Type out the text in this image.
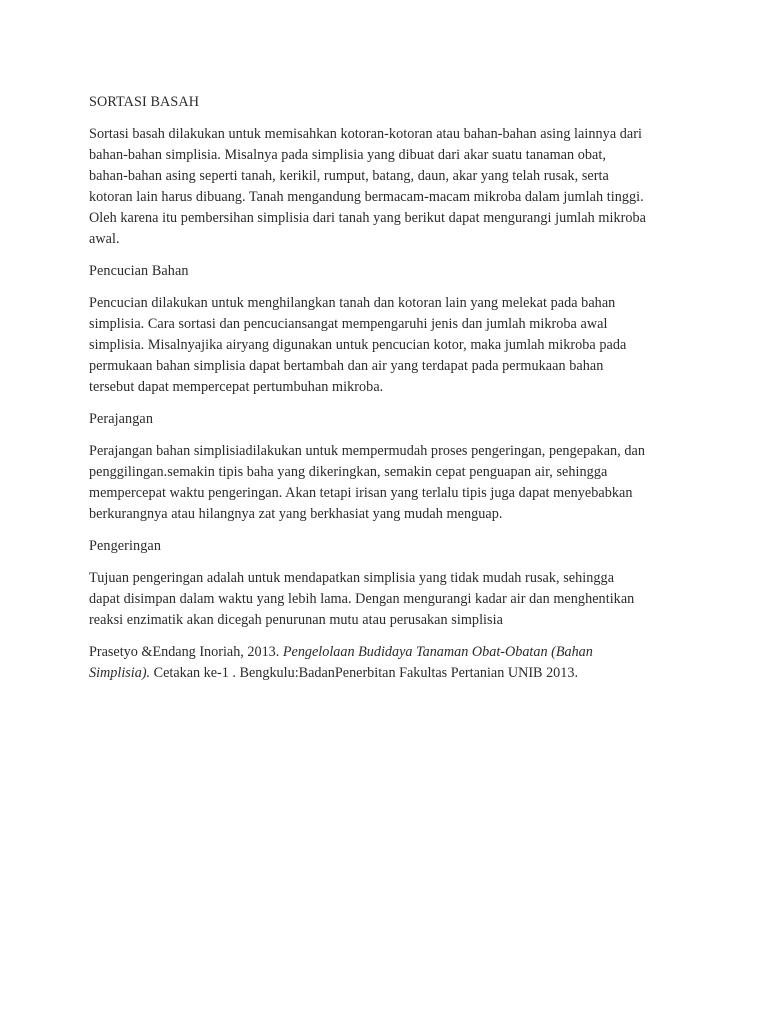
SORTASI BASAH
Sortasi basah dilakukan untuk memisahkan kotoran-kotoran atau bahan-bahan asing lainnya dari
bahan-bahan simplisia. Misalnya pada simplisia yang dibuat dari akar suatu tanaman obat,
bahan-bahan asing seperti tanah, kerikil, rumput, batang, daun, akar yang telah rusak, serta
kotoran lain harus dibuang. Tanah mengandung bermacam-macam mikroba dalam jumlah tinggi.
Oleh karena itu pembersihan simplisia dari tanah yang berikut dapat mengurangi jumlah mikroba
awal.
Pencucian Bahan
Pencucian dilakukan untuk menghilangkan tanah dan kotoran lain yang melekat pada bahan
simplisia. Cara sortasi dan pencuciansangat mempengaruhi jenis dan jumlah mikroba awal
simplisia. Misalnyajika airyang digunakan untuk pencucian kotor, maka jumlah mikroba pada
permukaan bahan simplisia dapat bertambah dan air yang terdapat pada permukaan bahan
tersebut dapat mempercepat pertumbuhan mikroba.
Perajangan
Perajangan bahan simplisiadilakukan untuk mempermudah proses pengeringan, pengepakan, dan
penggilingan.semakin tipis baha yang dikeringkan, semakin cepat penguapan air, sehingga
mempercepat waktu pengeringan. Akan tetapi irisan yang terlalu tipis juga dapat menyebabkan
berkurangnya atau hilangnya zat yang berkhasiat yang mudah menguap.
Pengeringan
Tujuan pengeringan adalah untuk mendapatkan simplisia yang tidak mudah rusak, sehingga
dapat disimpan dalam waktu yang lebih lama. Dengan mengurangi kadar air dan menghentikan
reaksi enzimatik akan dicegah penurunan mutu atau perusakan simplisia
Prasetyo &Endang Inoriah, 2013. Pengelolaan Budidaya Tanaman Obat-Obatan (Bahan
Simplisia). Cetakan ke-1 . Bengkulu:BadanPenerbitan Fakultas Pertanian UNIB 2013.
